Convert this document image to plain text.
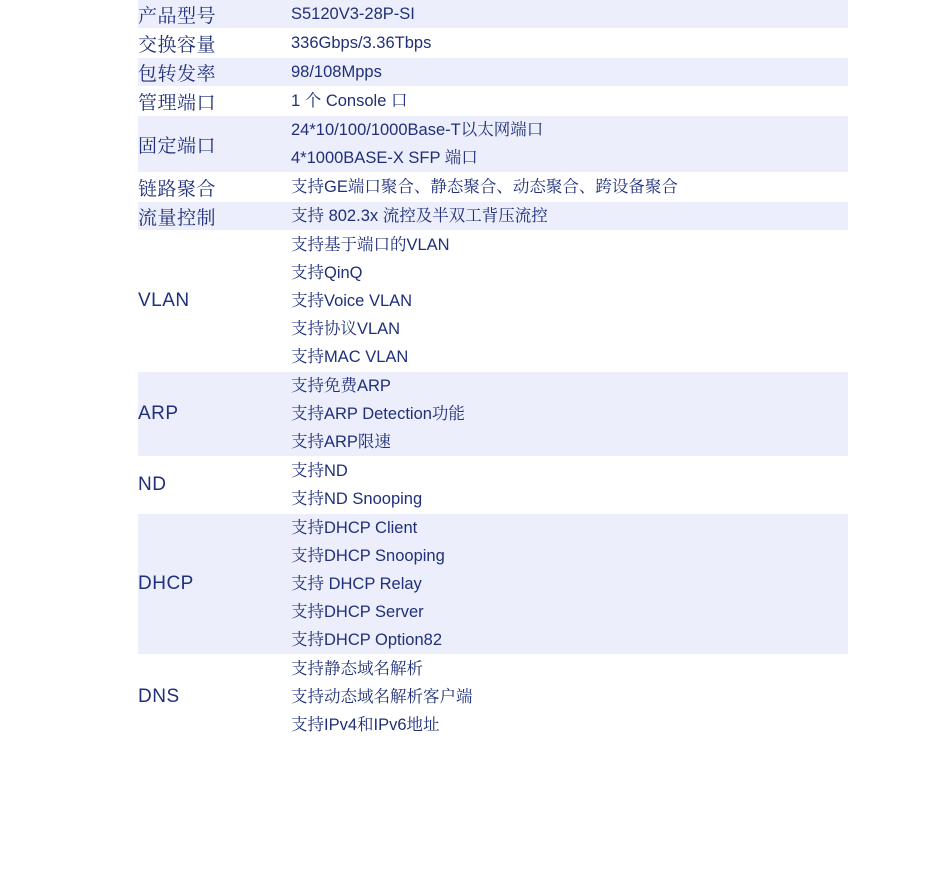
产品型号	S5120V3-28P-SI

交换容量	336Gbps/3.36Tbps

包转发率	98/108Mpps

管理端口	1 个 Console 口

固定端口	24*10/100/1000Base-T以太网端口
4*1000BASE-X SFP 端口

链路聚合	支持GE端口聚合、静态聚合、动态聚合、跨设备聚合

流量控制	支持 802.3x 流控及半双工背压流控

VLAN	支持基于端口的VLAN
支持QinQ
支持Voice VLAN
支持协议VLAN
支持MAC VLAN

ARP	支持免费ARP
支持ARP Detection功能
支持ARP限速

ND	支持ND
支持ND Snooping

DHCP	支持DHCP Client
支持DHCP Snooping
支持 DHCP Relay
支持DHCP Server
支持DHCP Option82

DNS	支持静态域名解析
支持动态域名解析客户端
支持IPv4和IPv6地址
